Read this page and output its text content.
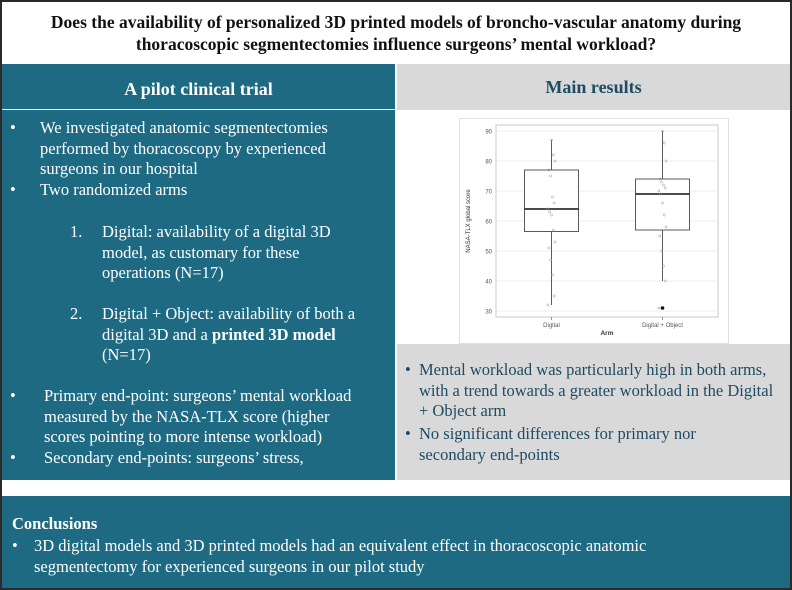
Does the availability of personalized 3D printed models of broncho-vascular anatomy during thoracoscopic segmentectomies influence surgeons’ mental workload?
A pilot clinical trial	Main results
• We investigated anatomic segmentectomies performed by thoracoscopy by experienced surgeons in our hospital
• Two randomized arms
1. Digital: availability of a digital 3D model, as customary for these operations (N=17)
2. Digital + Object: availability of both a digital 3D and a printed 3D model (N=17)
• Primary end-point: surgeons’ mental workload measured by the NASA-TLX score (higher scores pointing to more intense workload)
• Secondary end-points: surgeons’ stress,
30
40
50
60
70
80
90
NASA-TLX global score
Digital	Digital + Object
Arm
• Mental workload was particularly high in both arms, with a trend towards a greater workload in the Digital + Object arm
• No significant differences for primary nor secondary end-points
Conclusions
• 3D digital models and 3D printed models had an equivalent effect in thoracoscopic anatomic segmentectomy for experienced surgeons in our pilot study
